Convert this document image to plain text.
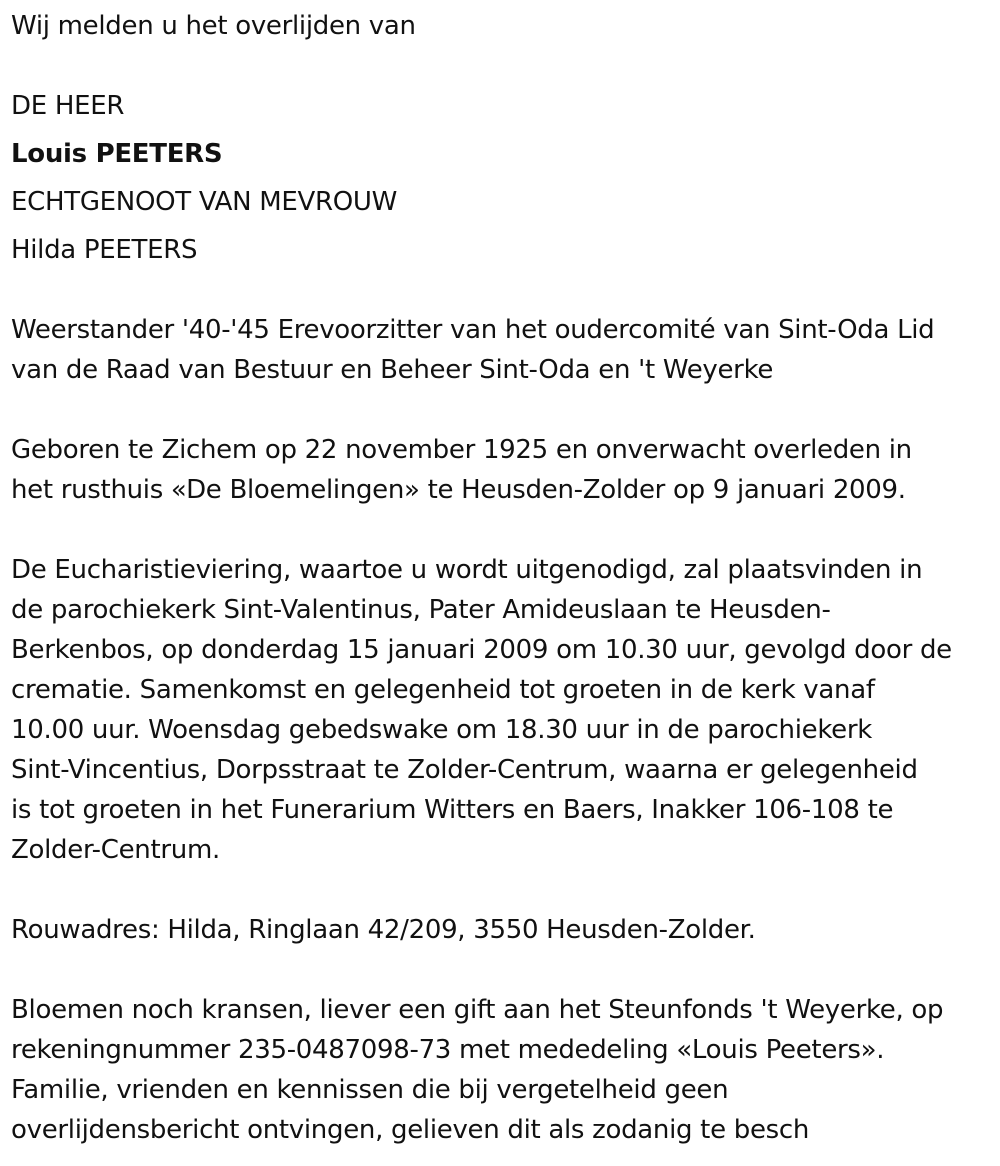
Wij melden u het overlijden van
DE HEER
Louis PEETERS
ECHTGENOOT VAN MEVROUW
Hilda PEETERS
Weerstander '40-'45 Erevoorzitter van het oudercomité van Sint-Oda Lid
van de Raad van Bestuur en Beheer Sint-Oda en 't Weyerke
Geboren te Zichem op 22 november 1925 en onverwacht overleden in
het rusthuis «De Bloemelingen» te Heusden-Zolder op 9 januari 2009.
De Eucharistieviering, waartoe u wordt uitgenodigd, zal plaatsvinden in
de parochiekerk Sint-Valentinus, Pater Amideuslaan te Heusden-
Berkenbos, op donderdag 15 januari 2009 om 10.30 uur, gevolgd door de
crematie. Samenkomst en gelegenheid tot groeten in de kerk vanaf
10.00 uur. Woensdag gebedswake om 18.30 uur in de parochiekerk
Sint-Vincentius, Dorpsstraat te Zolder-Centrum, waarna er gelegenheid
is tot groeten in het Funerarium Witters en Baers, Inakker 106-108 te
Zolder-Centrum.
Rouwadres: Hilda, Ringlaan 42/209, 3550 Heusden-Zolder.
Bloemen noch kransen, liever een gift aan het Steunfonds 't Weyerke, op
rekeningnummer 235-0487098-73 met mededeling «Louis Peeters».
Familie, vrienden en kennissen die bij vergetelheid geen
overlijdensbericht ontvingen, gelieven dit als zodanig te besch
